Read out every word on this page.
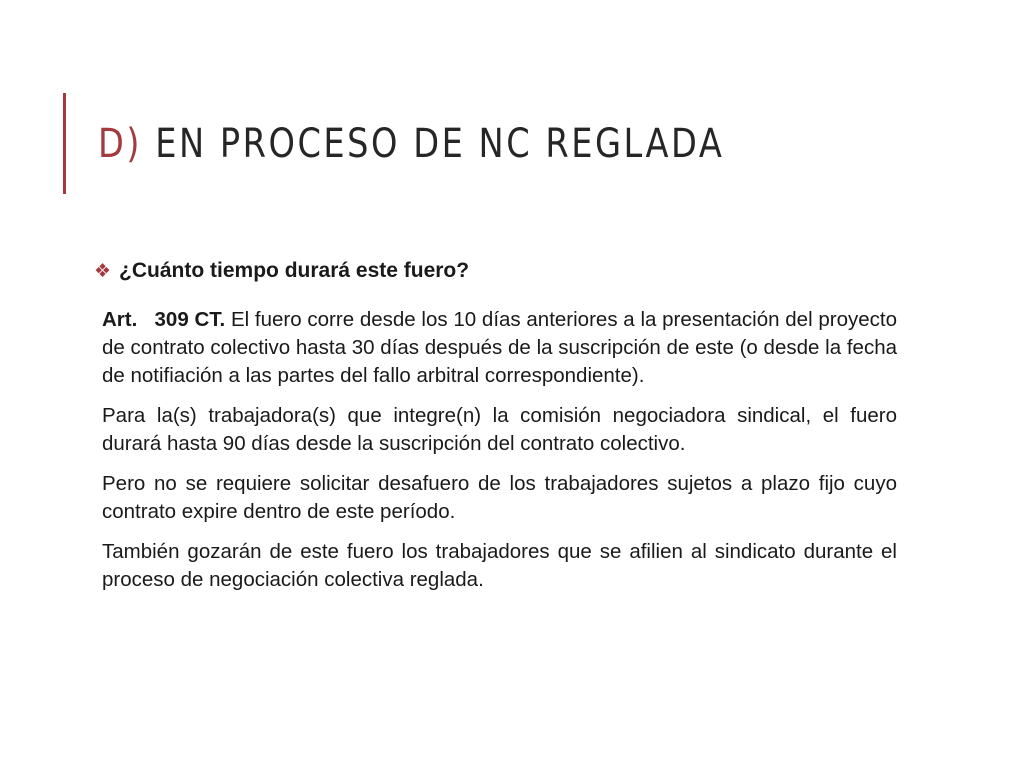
D) EN PROCESO DE NC REGLADA
❖ ¿Cuánto tiempo durará este fuero?

Art.   309 CT. El fuero corre desde los 10 días anteriores a la presentación del proyecto de contrato colectivo hasta 30 días después de la suscripción de este (o desde la fecha de notifiación a las partes del fallo arbitral correspondiente).

Para la(s) trabajadora(s) que integre(n) la comisión negociadora sindical, el fuero durará hasta 90 días desde la suscripción del contrato colectivo.

Pero no se requiere solicitar desafuero de los trabajadores sujetos a plazo fijo cuyo contrato expire dentro de este período.

También gozarán de este fuero los trabajadores que se afilien al sindicato durante el proceso de negociación colectiva reglada.
